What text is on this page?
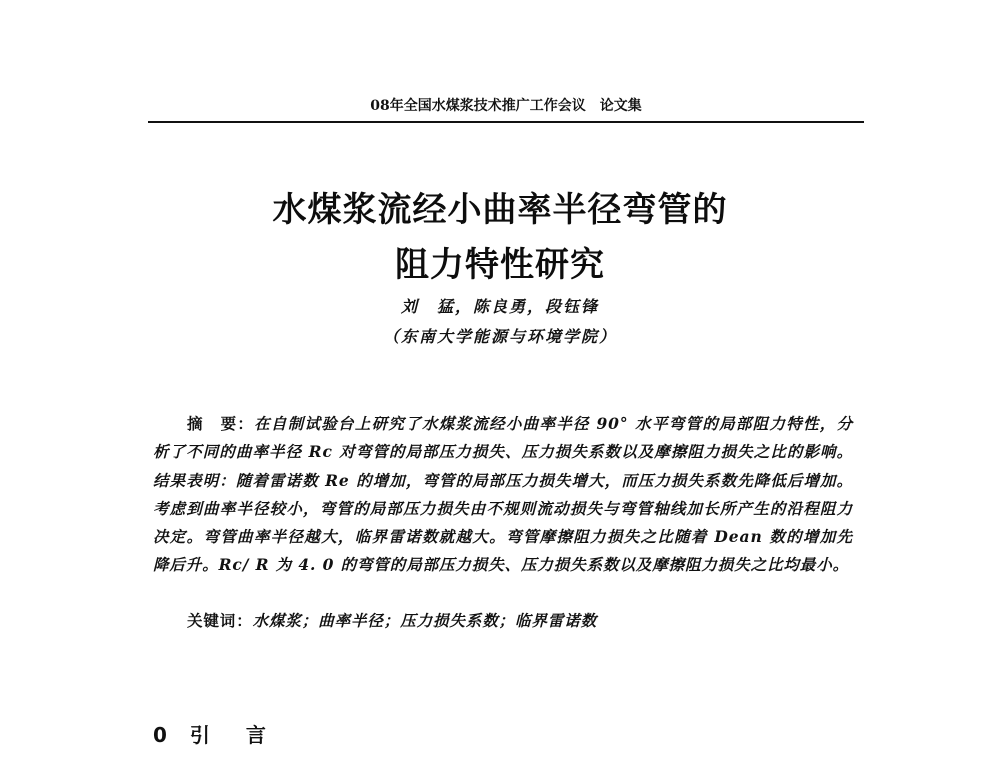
08年全国水煤浆技术推广工作会议　论文集
水煤浆流经小曲率半径弯管的
阻力特性研究
刘　猛，陈良勇，段钰锋
（东南大学能源与环境学院）
摘　要：在自制试验台上研究了水煤浆流经小曲率半径 90° 水平弯管的局部阻力特性，分析了不同的曲率半径 Rc 对弯管的局部压力损失、压力损失系数以及摩擦阻力损失之比的影响。结果表明：随着雷诺数 Re 的增加，弯管的局部压力损失增大，而压力损失系数先降低后增加。考虑到曲率半径较小，弯管的局部压力损失由不规则流动损失与弯管轴线加长所产生的沿程阻力决定。弯管曲率半径越大，临界雷诺数就越大。弯管摩擦阻力损失之比随着 Dean 数的增加先降后升。Rc/ R 为 4. 0 的弯管的局部压力损失、压力损失系数以及摩擦阻力损失之比均最小。
关键词：水煤浆；曲率半径；压力损失系数；临界雷诺数
0 引　言
